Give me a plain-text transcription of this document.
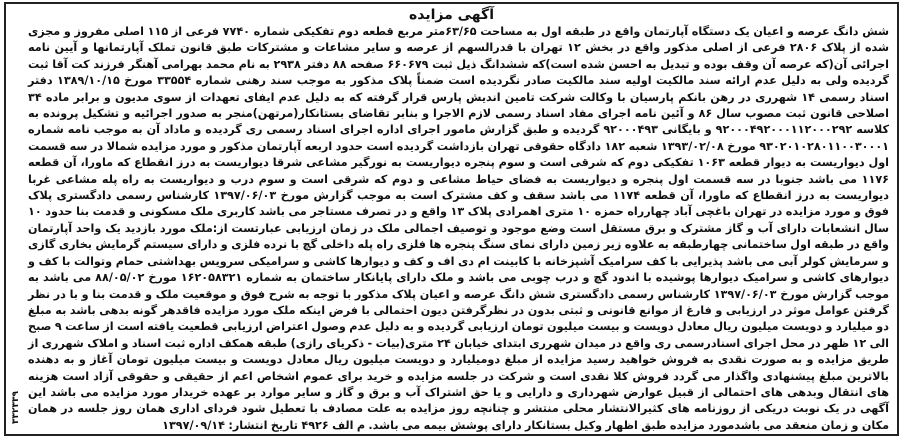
آگهی مزایده
شش دانگ عرصه و اعیان یک دستگاه آپارتمان واقع در طبقه اول به مساحت ۶۳/۶۵متر مربع قطعه دوم تفکیکی شماره ۷۷۴۰ فرعی از ۱۱۵ اصلی مفروز و مجزی شده از پلاک ۲۸۰۶ فرعی از اصلی مذکور واقع در بخش ۱۲ تهران با قدرالسهم از عرصه و سایر مشاعات و مشترکات طبق قانون تملک آپارتمانها و آیین نامه اجرائی آن(که عرصه آن وقف بوده و تبدیل به احسن شده است)که ششدانگ ذیل ثبت ۶۶۰۶۷۹ صفحه ۸۸ دفتر ۲۹۳۸ به نام محمد بهرامی آهنگر فرزند کت آقا ثبت گردیده ولی به دلیل عدم ارائه سند مالکیت اولیه سند مالکیت صادر نگردیده است ضمناً پلاک مذکور به موجب سند رهنی شماره ۳۳۵۵۴ مورخ ۱۳۸۹/۱۰/۱۵ دفتر اسناد رسمی ۱۴ شهرری در رهن بانکم پارسیان با وکالت شرکت تامین اندیش پارس قرار گرفته که به دلیل عدم ایفای تعهدات از سوی مدیون و برابر ماده ۳۴ اصلاحی قانون ثبت مصوب سال ۸۶ و آئین نامه اجرای مفاد اسناد رسمی لازم الاجرا و بنابر تقاضای بستانکار(مرتهن)منجر به صدور اجرائیه و تشکیل پرونده به کلاسه ۹۲۰۰۰۴۹۲۰۰۰۱۱۲۰۰۰۲۹۲ و بایگانی ۹۲۰۰۰۴۹۳ گردیده و طبق گزارش مامور اجرای اداره اجرای اسناد رسمی ری گردیده و ماداد آن به موجب نامه شماره ۹۳۰۲۰۱۰۲۸۰۱۱۰۰۳۰۰۰۱ مورخ ۱۳۹۳/۰۲/۰۸ شعبه ۱۸۲ دادگاه حقوقی تهران بازداشت گردیده است حدود اربعه آپارتمان مذکور و مورد مزایده شمالا در سه قسمت اول دیواریست به دیوار قطعه ۱۰۶۳ تفکیکی دوم که شرقی است و سوم پنجره دیواریست به نورگیر مشاعی شرقا دیواریست به درز انقطاع که ماورا، آن قطعه ۱۱۷۶ می باشد جنوبا در سه قسمت اول پنجره و دیواریست به فضای حیاط مشاعی و دوم که شرقی است و سوم درب و دیواریست به راه پله مشاعی غربا دیواریست به درز انقطاع که ماورا، آن قطعه ۱۱۷۴ می باشد سقف و کف مشترک است به موجب گزارش مورخ ۱۳۹۷/۰۶/۰۳ کارشناس رسمی دادگستری پلاک فوق و مورد مزایده در تهران باغچی آباد چهارراه حمزه ۱۰ متری اهمرادی پلاک ۱۳ واقع و در تصرف مستاجر می باشد کاربری ملک مسکونی و قدمت بنا حدود ۱۰ سال انشعابات دارای آب و گاز مشترک و برق مستقل است وضع موجود و توصیف اجمالی ملک در زمان ارزیابی عبارتست از:ملک مورد بازدید یک واحد آپارتمان واقع در طبقه اول ساختمانی چهارطبقه به علاوه زیر زمین دارای نمای سنگ پنجره ها فلزی راه پله داخلی گچ با نرده فلزی و دارای سیستم گرمایش بخاری گازی و سرمایش کولر آبی می باشد پذیرایی با کف سرامیک آشپزخانه با کابینت ام دی اف و کف و دیوارها کاشی و سرامیکی سرویس بهداشتی حمام وتوالت با کف و دیوارهای کاشی و سرامیک دیوارها پوشیده با اندود گچ و درب چوبی می باشد و ملک دارای پایانکار ساختمان به شماره ۱۶۲۰۵۸۳۲۱ مورخ ۸۸/۰۵/۰۲ می باشد به موجب گزارش مورخ ۱۳۹۷/۰۶/۰۳ کارشناس رسمی دادگستری شش دانگ عرصه و اعیان پلاک مذکور با توجه به شرح فوق و موقعیت ملک و قدمت بنا و با در نظر گرفتن عوامل موثر در ارزیابی و فارغ از موانع قانونی و ثبتی بدون در نظرگرفتن دیون احتمالی با فرض اینکه ملک مورد مزایده فاقدهر گونه بدهی باشد به مبلغ دو میلیارد و دویست میلیون ریال معادل دویست و بیست میلیون تومان ارزیابی گردیده و به دلیل عدم وصول اعتراض ارزیابی قطعیت یافته است از ساعت ۹ صبح الی ۱۲ ظهر در محل اجرای اسنادرسمی ری واقع در میدان شهرری ابتدای خیابان ۲۴ متری(بیات - ذکریای رازی) طبقه همکف اداره ثبت اسناد و املاک شهرری از طریق مزایده و به صورت نقدی به فروش خواهید رسید مزایده از مبلغ دومیلیارد و دویست میلیون ریال معادل دویست و بیست میلیون تومان آغاز و به دهنده بالاترین مبلغ پیشنهادی واگذار می گردد فروش کلا نقدی است و شرکت در جلسه مزایده و خرید برای عموم اشخاص اعم از حقیقی و حقوقی آزاد است هزینه های انتقال وبدهی های احتمالی از قبیل عوارض شهرداری و دارایی و یا حق اشتراک آب و برق و گاز و سایر موارد بر عهده خریدار مورد مزایده می باشد این آگهی در یک نوبت دریکی از روزنامه های کثیرالانتشار محلی منتشر و چنانچه روز مزایده به علت مصادف با تعطیل شود فردای اداری همان روز جلسه در همان مکان و زمان منعقد می باشدمورد مزایده طبق اظهار وکیل بستانکار دارای پوشش بیمه می باشد. م الف ۴۹۲۶ تاریخ انتشار: ۱۳۹۷/۰۹/۱۴
۳۳۲۳۳۹
